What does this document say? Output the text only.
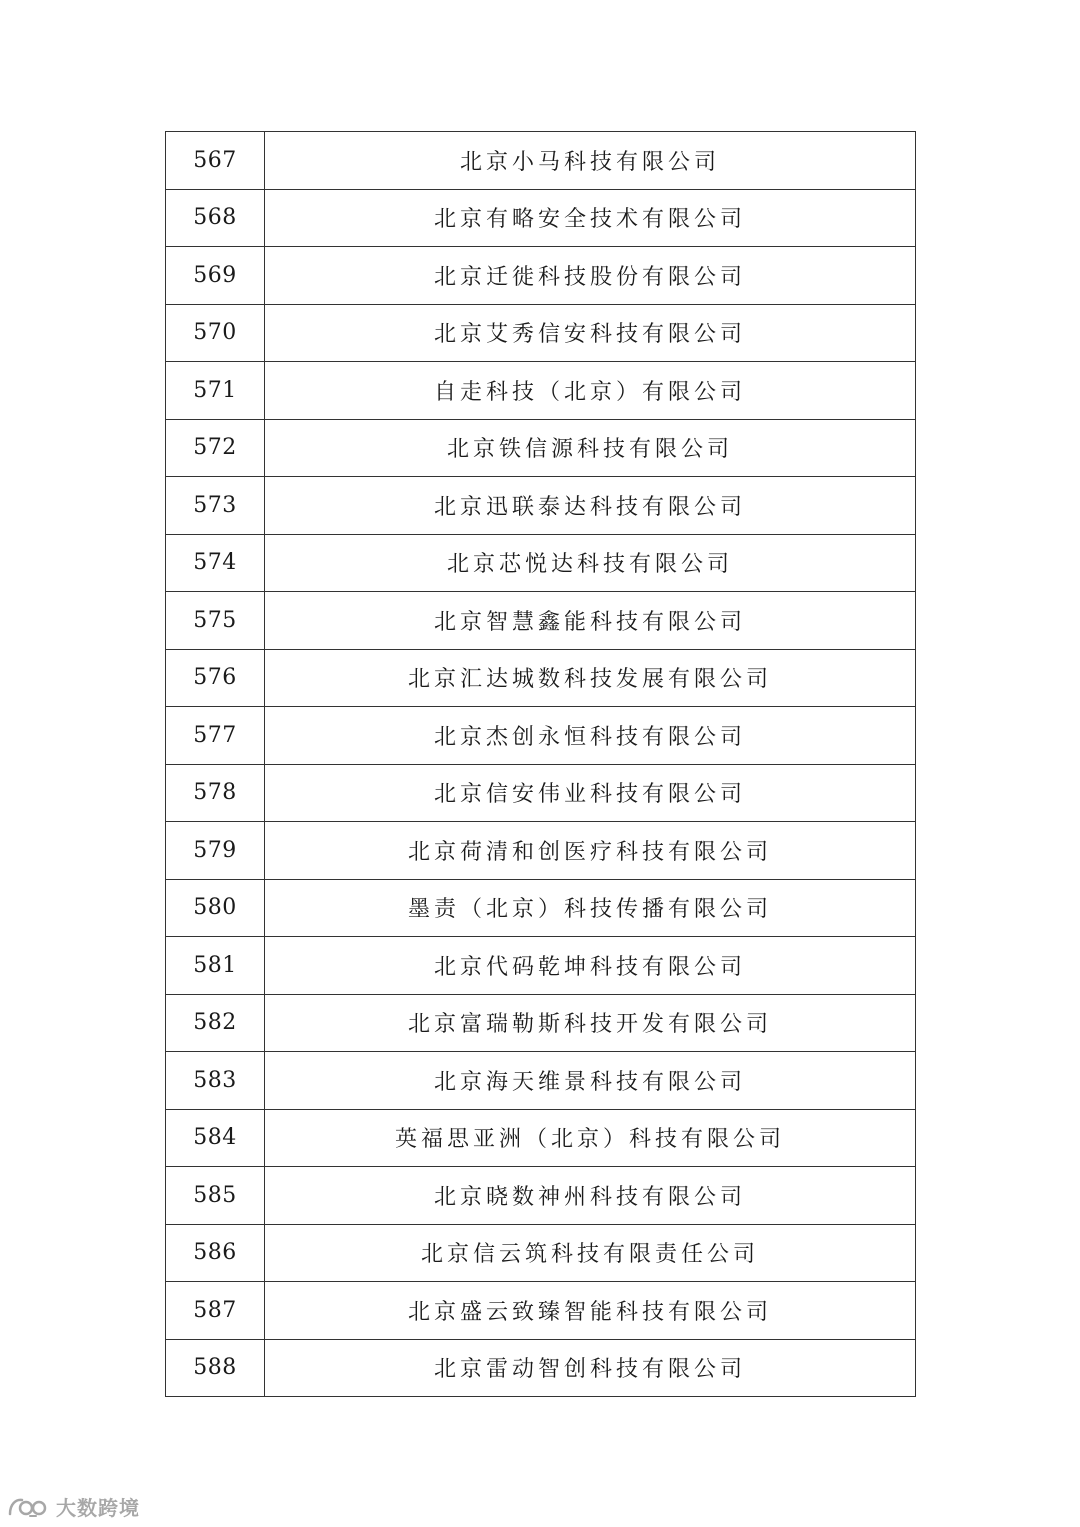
567	北京小马科技有限公司
568	北京有略安全技术有限公司
569	北京迁徙科技股份有限公司
570	北京艾秀信安科技有限公司
571	自走科技（北京）有限公司
572	北京铁信源科技有限公司
573	北京迅联泰达科技有限公司
574	北京芯悦达科技有限公司
575	北京智慧鑫能科技有限公司
576	北京汇达城数科技发展有限公司
577	北京杰创永恒科技有限公司
578	北京信安伟业科技有限公司
579	北京荷清和创医疗科技有限公司
580	墨责（北京）科技传播有限公司
581	北京代码乾坤科技有限公司
582	北京富瑞勒斯科技开发有限公司
583	北京海天维景科技有限公司
584	英福思亚洲（北京）科技有限公司
585	北京晓数神州科技有限公司
586	北京信云筑科技有限责任公司
587	北京盛云致臻智能科技有限公司
588	北京雷动智创科技有限公司
大数跨境
